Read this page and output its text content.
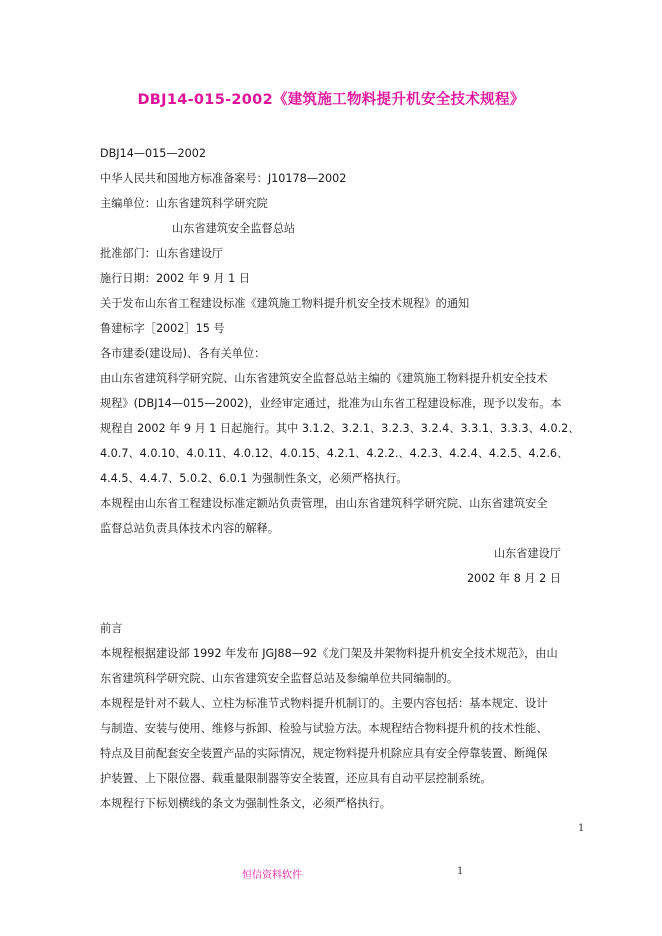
DBJ14-015-2002《建筑施工物料提升机安全技术规程》
DBJ14—015—2002
中华人民共和国地方标准备案号：J10178—2002
主编单位：山东省建筑科学研究院
山东省建筑安全监督总站
批准部门：山东省建设厅
施行日期：2002 年 9 月 1 日
关于发布山东省工程建设标准《建筑施工物料提升机安全技术规程》的通知
鲁建标字［2002］15 号
各市建委(建设局)、各有关单位：
由山东省建筑科学研究院、山东省建筑安全监督总站主编的《建筑施工物料提升机安全技术
规程》(DBJ14—015—2002)，业经审定通过，批准为山东省工程建设标准，现予以发布。本
规程自 2002 年 9 月 1 日起施行。其中 3.1.2、3.2.1、3.2.3、3.2.4、3.3.1、3.3.3、4.0.2、
4.0.7、4.0.10、4.0.11、4.0.12、4.0.15、4.2.1、4.2.2.、4.2.3、4.2.4、4.2.5、4.2.6、
4.4.5、4.4.7、5.0.2、6.0.1 为强制性条文，必须严格执行。
本规程由山东省工程建设标准定额站负责管理，由山东省建筑科学研究院、山东省建筑安全
监督总站负责具体技术内容的解释。
山东省建设厅
2002 年 8 月 2 日
前言
本规程根据建设部 1992 年发布 JGJ88—92《龙门架及井架物料提升机安全技术规范》，由山
东省建筑科学研究院、山东省建筑安全监督总站及参编单位共同编制的。
本规程是针对不载人、立柱为标准节式物料提升机制订的。主要内容包括：基本规定、设计
与制造、安装与使用、维修与拆卸、检验与试验方法。本规程结合物料提升机的技术性能、
特点及目前配套安全装置产品的实际情况，规定物料提升机除应具有安全停靠装置、断绳保
护装置、上下限位器、载重量限制器等安全装置，还应具有自动平层控制系统。
本规程行下标划横线的条文为强制性条文，必须严格执行。
1
恒信资料软件	1
